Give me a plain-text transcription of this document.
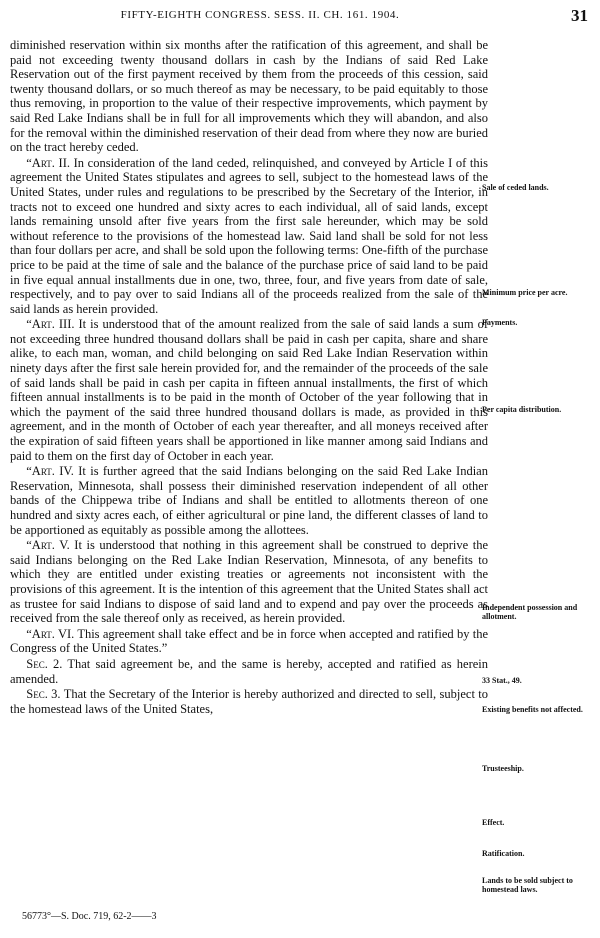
FIFTY-EIGHTH CONGRESS. SESS. II. CH. 161. 1904.	31

diminished reservation within six months after the ratification of this agreement, and shall be paid not exceeding twenty thousand dollars in cash by the Indians of said Red Lake Reservation out of the first payment received by them from the proceeds of this cession, said twenty thousand dollars, or so much thereof as may be necessary, to be paid equitably to those thus removing, in proportion to the value of their respective improvements, which payment by said Red Lake Indians shall be in full for all improvements which they will abandon, and also for the removal within the diminished reservation of their dead from where they now are buried on the tract hereby ceded.

“Art. II. In consideration of the land ceded, relinquished, and conveyed by Article I of this agreement the United States stipulates and agrees to sell, subject to the homestead laws of the United States, under rules and regulations to be prescribed by the Secretary of the Interior, in tracts not to exceed one hundred and sixty acres to each individual, all of said lands, except lands remaining unsold after five years from the first sale hereunder, which may be sold without reference to the provisions of the homestead law. Said land shall be sold for not less than four dollars per acre, and shall be sold upon the following terms: One-fifth of the purchase price to be paid at the time of sale and the balance of the purchase price of said land to be paid in five equal annual installments due in one, two, three, four, and five years from date of sale, respectively, and to pay over to said Indians all of the proceeds realized from the sale of the said lands as herein provided.

“Art. III. It is understood that of the amount realized from the sale of said lands a sum of not exceeding three hundred thousand dollars shall be paid in cash per capita, share and share alike, to each man, woman, and child belonging on said Red Lake Indian Reservation within ninety days after the first sale herein provided for, and the remainder of the proceeds of the sale of said lands shall be paid in cash per capita in fifteen annual installments, the first of which fifteen annual installments is to be paid in the month of October of the year following that in which the payment of the said three hundred thousand dollars is made, as provided in this agreement, and in the month of October of each year thereafter, and all moneys received after the expiration of said fifteen years shall be apportioned in like manner among said Indians and paid to them on the first day of October in each year.

“Art. IV. It is further agreed that the said Indians belonging on the said Red Lake Indian Reservation, Minnesota, shall possess their diminished reservation independent of all other bands of the Chippewa tribe of Indians and shall be entitled to allotments thereon of one hundred and sixty acres each, of either agricultural or pine land, the different classes of land to be apportioned as equitably as possible among the allottees.

“Art. V. It is understood that nothing in this agreement shall be construed to deprive the said Indians belonging on the Red Lake Indian Reservation, Minnesota, of any benefits to which they are entitled under existing treaties or agreements not inconsistent with the provisions of this agreement. It is the intention of this agreement that the United States shall act as trustee for said Indians to dispose of said land and to expend and pay over the proceeds as received from the sale thereof only as received, as herein provided.

“Art. VI. This agreement shall take effect and be in force when accepted and ratified by the Congress of the United States.”

Sec. 2. That said agreement be, and the same is hereby, accepted and ratified as herein amended.

Sec. 3. That the Secretary of the Interior is hereby authorized and directed to sell, subject to the homestead laws of the United States,

Sale of ceded lands.
Minimum price per acre.
Payments.
Per capita distribution.
Independent possession and allotment.
33 Stat., 49.
Existing benefits not affected.
Trusteeship.
Effect.
Ratification.
Lands to be sold subject to homestead laws.
56773°—S. Doc. 719, 62-2——3
